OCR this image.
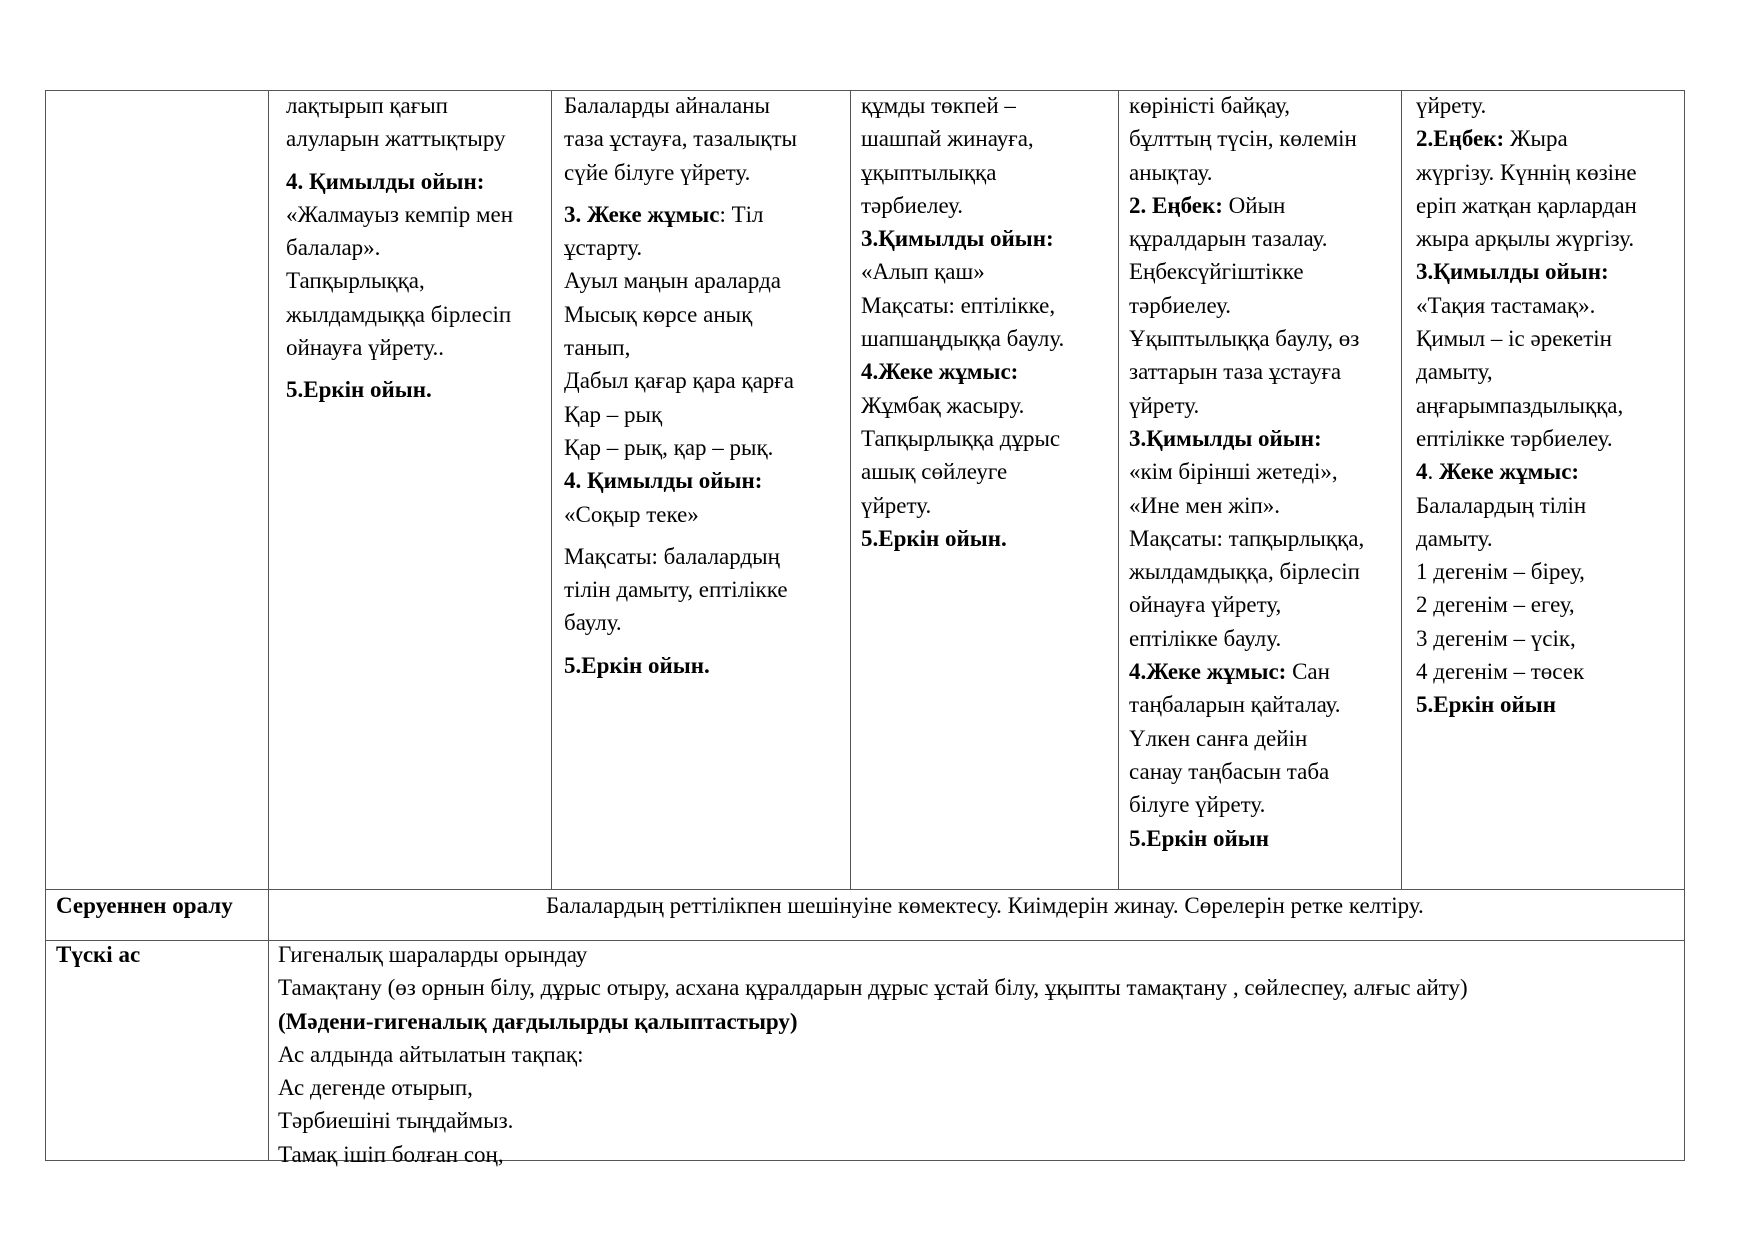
лақтырып қағып
алуларын жаттықтыру
4. Қимылды ойын:
«Жалмауыз кемпір мен
балалар».
Тапқырлыққа,
жылдамдыққа бірлесіп
ойнауға үйрету..
5.Еркін ойын.
Балаларды айналаны
таза ұстауға, тазалықты
сүйе білуге үйрету.
3. Жеке жұмыс: Тіл
ұстарту.
Ауыл маңын араларда
Мысық көрсе анық
танып,
Дабыл қағар қара қарға
Қар – рық
Қар – рық, қар – рық.
4. Қимылды ойын:
«Соқыр теке»
Мақсаты: балалардың
тілін дамыту, ептілікке
баулу.
5.Еркін ойын.
құмды төкпей –
шашпай жинауға,
ұқыптылыққа
тәрбиелеу.
3.Қимылды ойын:
«Алып қаш»
Мақсаты: ептілікке,
шапшаңдыққа баулу.
4.Жеке жұмыс:
Жұмбақ жасыру.
Тапқырлыққа дұрыс
ашық сөйлеуге
үйрету.
5.Еркін ойын.
көріністі байқау,
бұлттың түсін, көлемін
анықтау.
2. Еңбек: Ойын
құралдарын тазалау.
Еңбексүйгіштікке
тәрбиелеу.
Ұқыптылыққа баулу, өз
заттарын таза ұстауға
үйрету.
3.Қимылды ойын:
«кім бірінші жетеді»,
«Ине мен жіп».
Мақсаты: тапқырлыққа,
жылдамдыққа, бірлесіп
ойнауға үйрету,
ептілікке баулу.
4.Жеке жұмыс: Сан
таңбаларын қайталау.
Үлкен санға дейін
санау таңбасын таба
білуге үйрету.
5.Еркін ойын
үйрету.
2.Еңбек: Жыра
жүргізу. Күннің көзіне
еріп жатқан қарлардан
жыра арқылы жүргізу.
3.Қимылды ойын:
«Тақия тастамақ».
Қимыл – іс әрекетін
дамыту,
аңғарымпаздылыққа,
ептілікке тәрбиелеу.
4. Жеке жұмыс:
Балалардың тілін
дамыту.
1 дегенім – біреу,
2 дегенім – егеу,
3 дегенім – үсік,
4 дегенім – төсек
5.Еркін ойын
Серуеннен оралу	Балалардың реттілікпен шешінуіне көмектесу. Киімдерін жинау. Сөрелерін ретке келтіру.
Түскі ас	Гигеналық шараларды орындау
Тамақтану (өз орнын білу, дұрыс отыру, асхана құралдарын дұрыс ұстай білу, ұқыпты тамақтану , сөйлеспеу, алғыс айту)
(Мәдени-гигеналық дағдылырды қалыптастыру)
Ас алдында айтылатын тақпақ:
Ас дегенде отырып,
Тәрбиешіні тыңдаймыз.
Тамақ ішіп болған соң,
